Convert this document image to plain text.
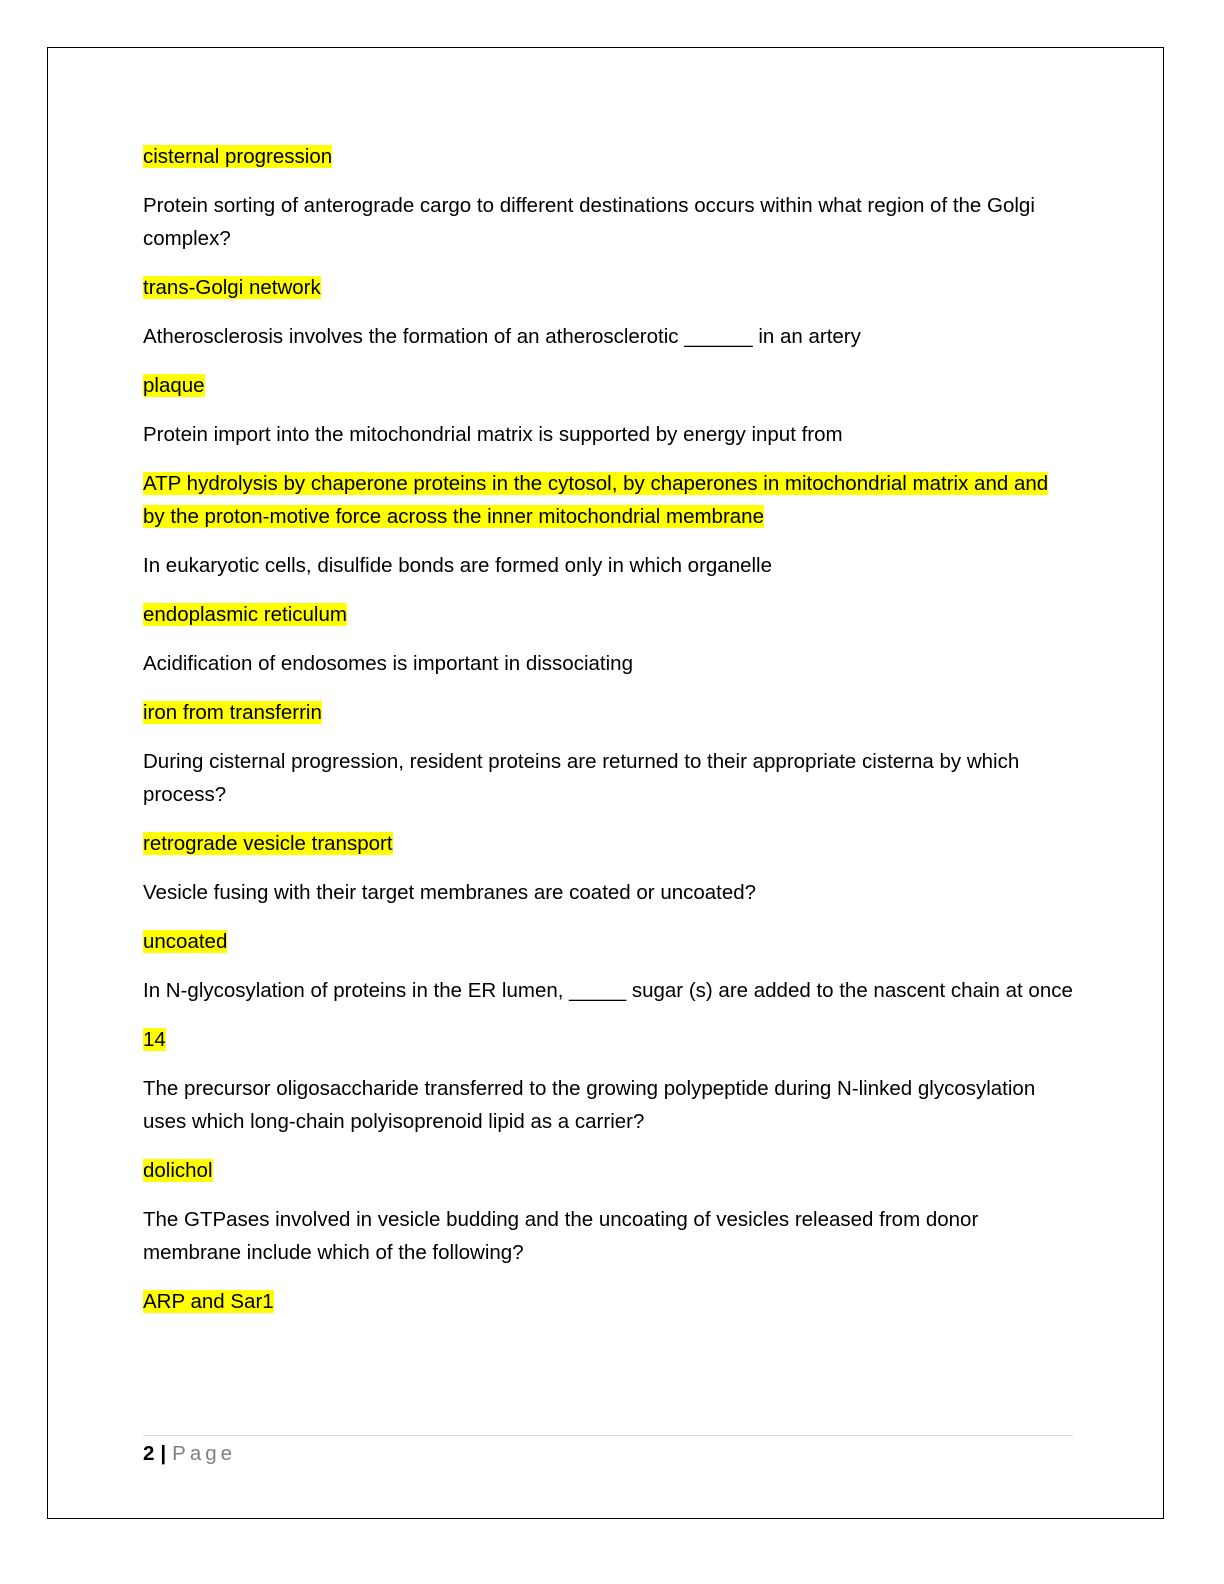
cisternal progression

Protein sorting of anterograde cargo to different destinations occurs within what region of the Golgi complex?

trans-Golgi network

Atherosclerosis involves the formation of an atherosclerotic ______ in an artery

plaque

Protein import into the mitochondrial matrix is supported by energy input from

ATP hydrolysis by chaperone proteins in the cytosol, by chaperones in mitochondrial matrix and and by the proton-motive force across the inner mitochondrial membrane

In eukaryotic cells, disulfide bonds are formed only in which organelle

endoplasmic reticulum

Acidification of endosomes is important in dissociating

iron from transferrin

During cisternal progression, resident proteins are returned to their appropriate cisterna by which process?

retrograde vesicle transport

Vesicle fusing with their target membranes are coated or uncoated?

uncoated

In N-glycosylation of proteins in the ER lumen, _____ sugar (s) are added to the nascent chain at once

14

The precursor oligosaccharide transferred to the growing polypeptide during N-linked glycosylation uses which long-chain polyisoprenoid lipid as a carrier?

dolichol

The GTPases involved in vesicle budding and the uncoating of vesicles released from donor membrane include which of the following?

ARP and Sar1

2 | Page
